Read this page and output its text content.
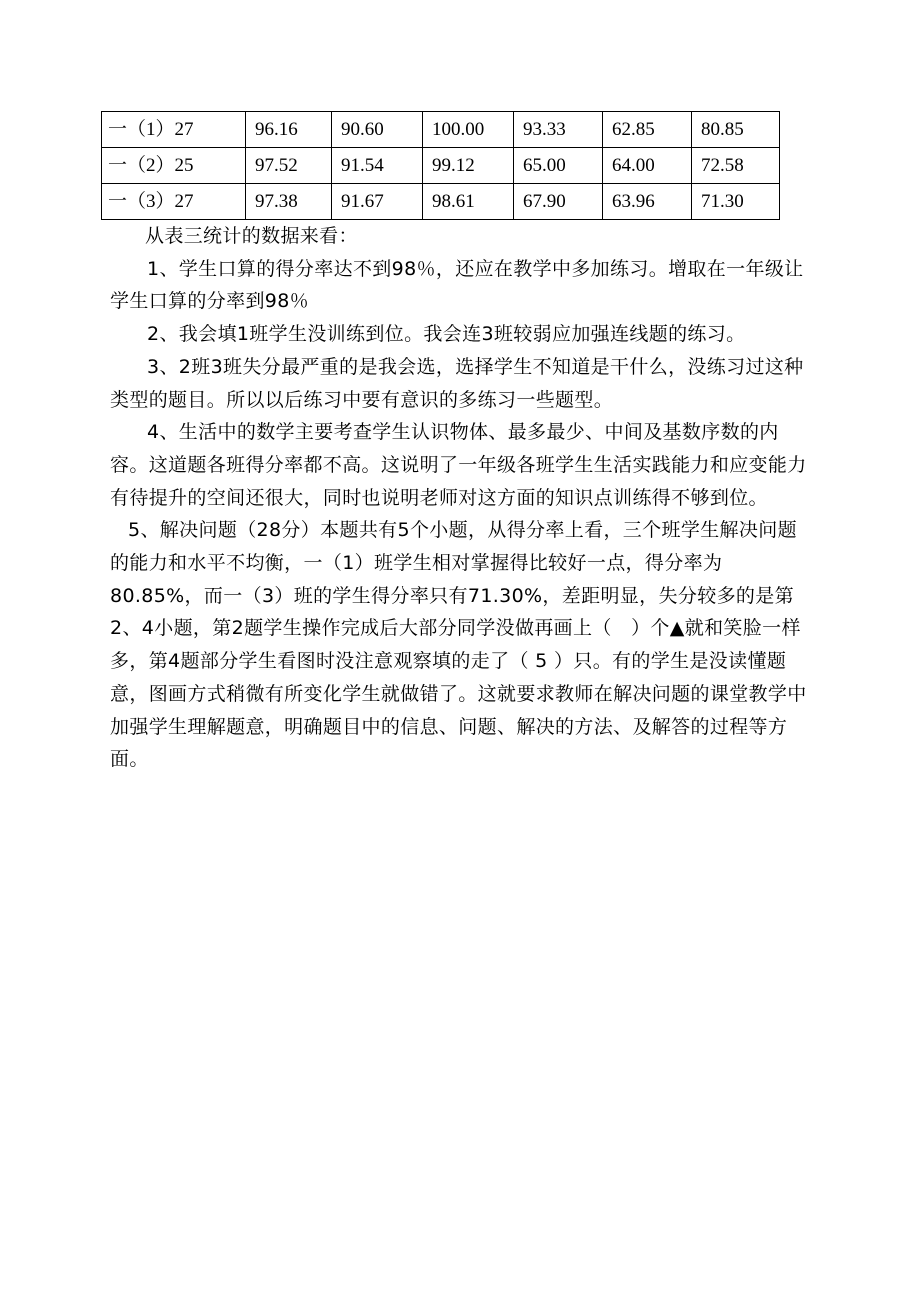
一（1）27	96.16	90.60	100.00	93.33	62.85	80.85
一（2）25	97.52	91.54	99.12	65.00	64.00	72.58
一（3）27	97.38	91.67	98.61	67.90	63.96	71.30

从表三统计的数据来看：

1、学生口算的得分率达不到98％，还应在教学中多加练习。增取在一年级让学生口算的分率到98％

2、我会填1班学生没训练到位。我会连3班较弱应加强连线题的练习。

3、2班3班失分最严重的是我会选，选择学生不知道是干什么，没练习过这种类型的题目。所以以后练习中要有意识的多练习一些题型。

4、生活中的数学主要考查学生认识物体、最多最少、中间及基数序数的内容。这道题各班得分率都不高。这说明了一年级各班学生生活实践能力和应变能力有待提升的空间还很大，同时也说明老师对这方面的知识点训练得不够到位。

5、解决问题（28分）本题共有5个小题，从得分率上看，三个班学生解决问题的能力和水平不均衡，一（1）班学生相对掌握得比较好一点，得分率为80.85%，而一（3）班的学生得分率只有71.30%，差距明显，失分较多的是第2、4小题，第2题学生操作完成后大部分同学没做再画上（　）个▲就和笑脸一样多，第4题部分学生看图时没注意观察填的走了（ 5 ）只。有的学生是没读懂题意，图画方式稍微有所变化学生就做错了。这就要求教师在解决问题的课堂教学中加强学生理解题意，明确题目中的信息、问题、解决的方法、及解答的过程等方面。
